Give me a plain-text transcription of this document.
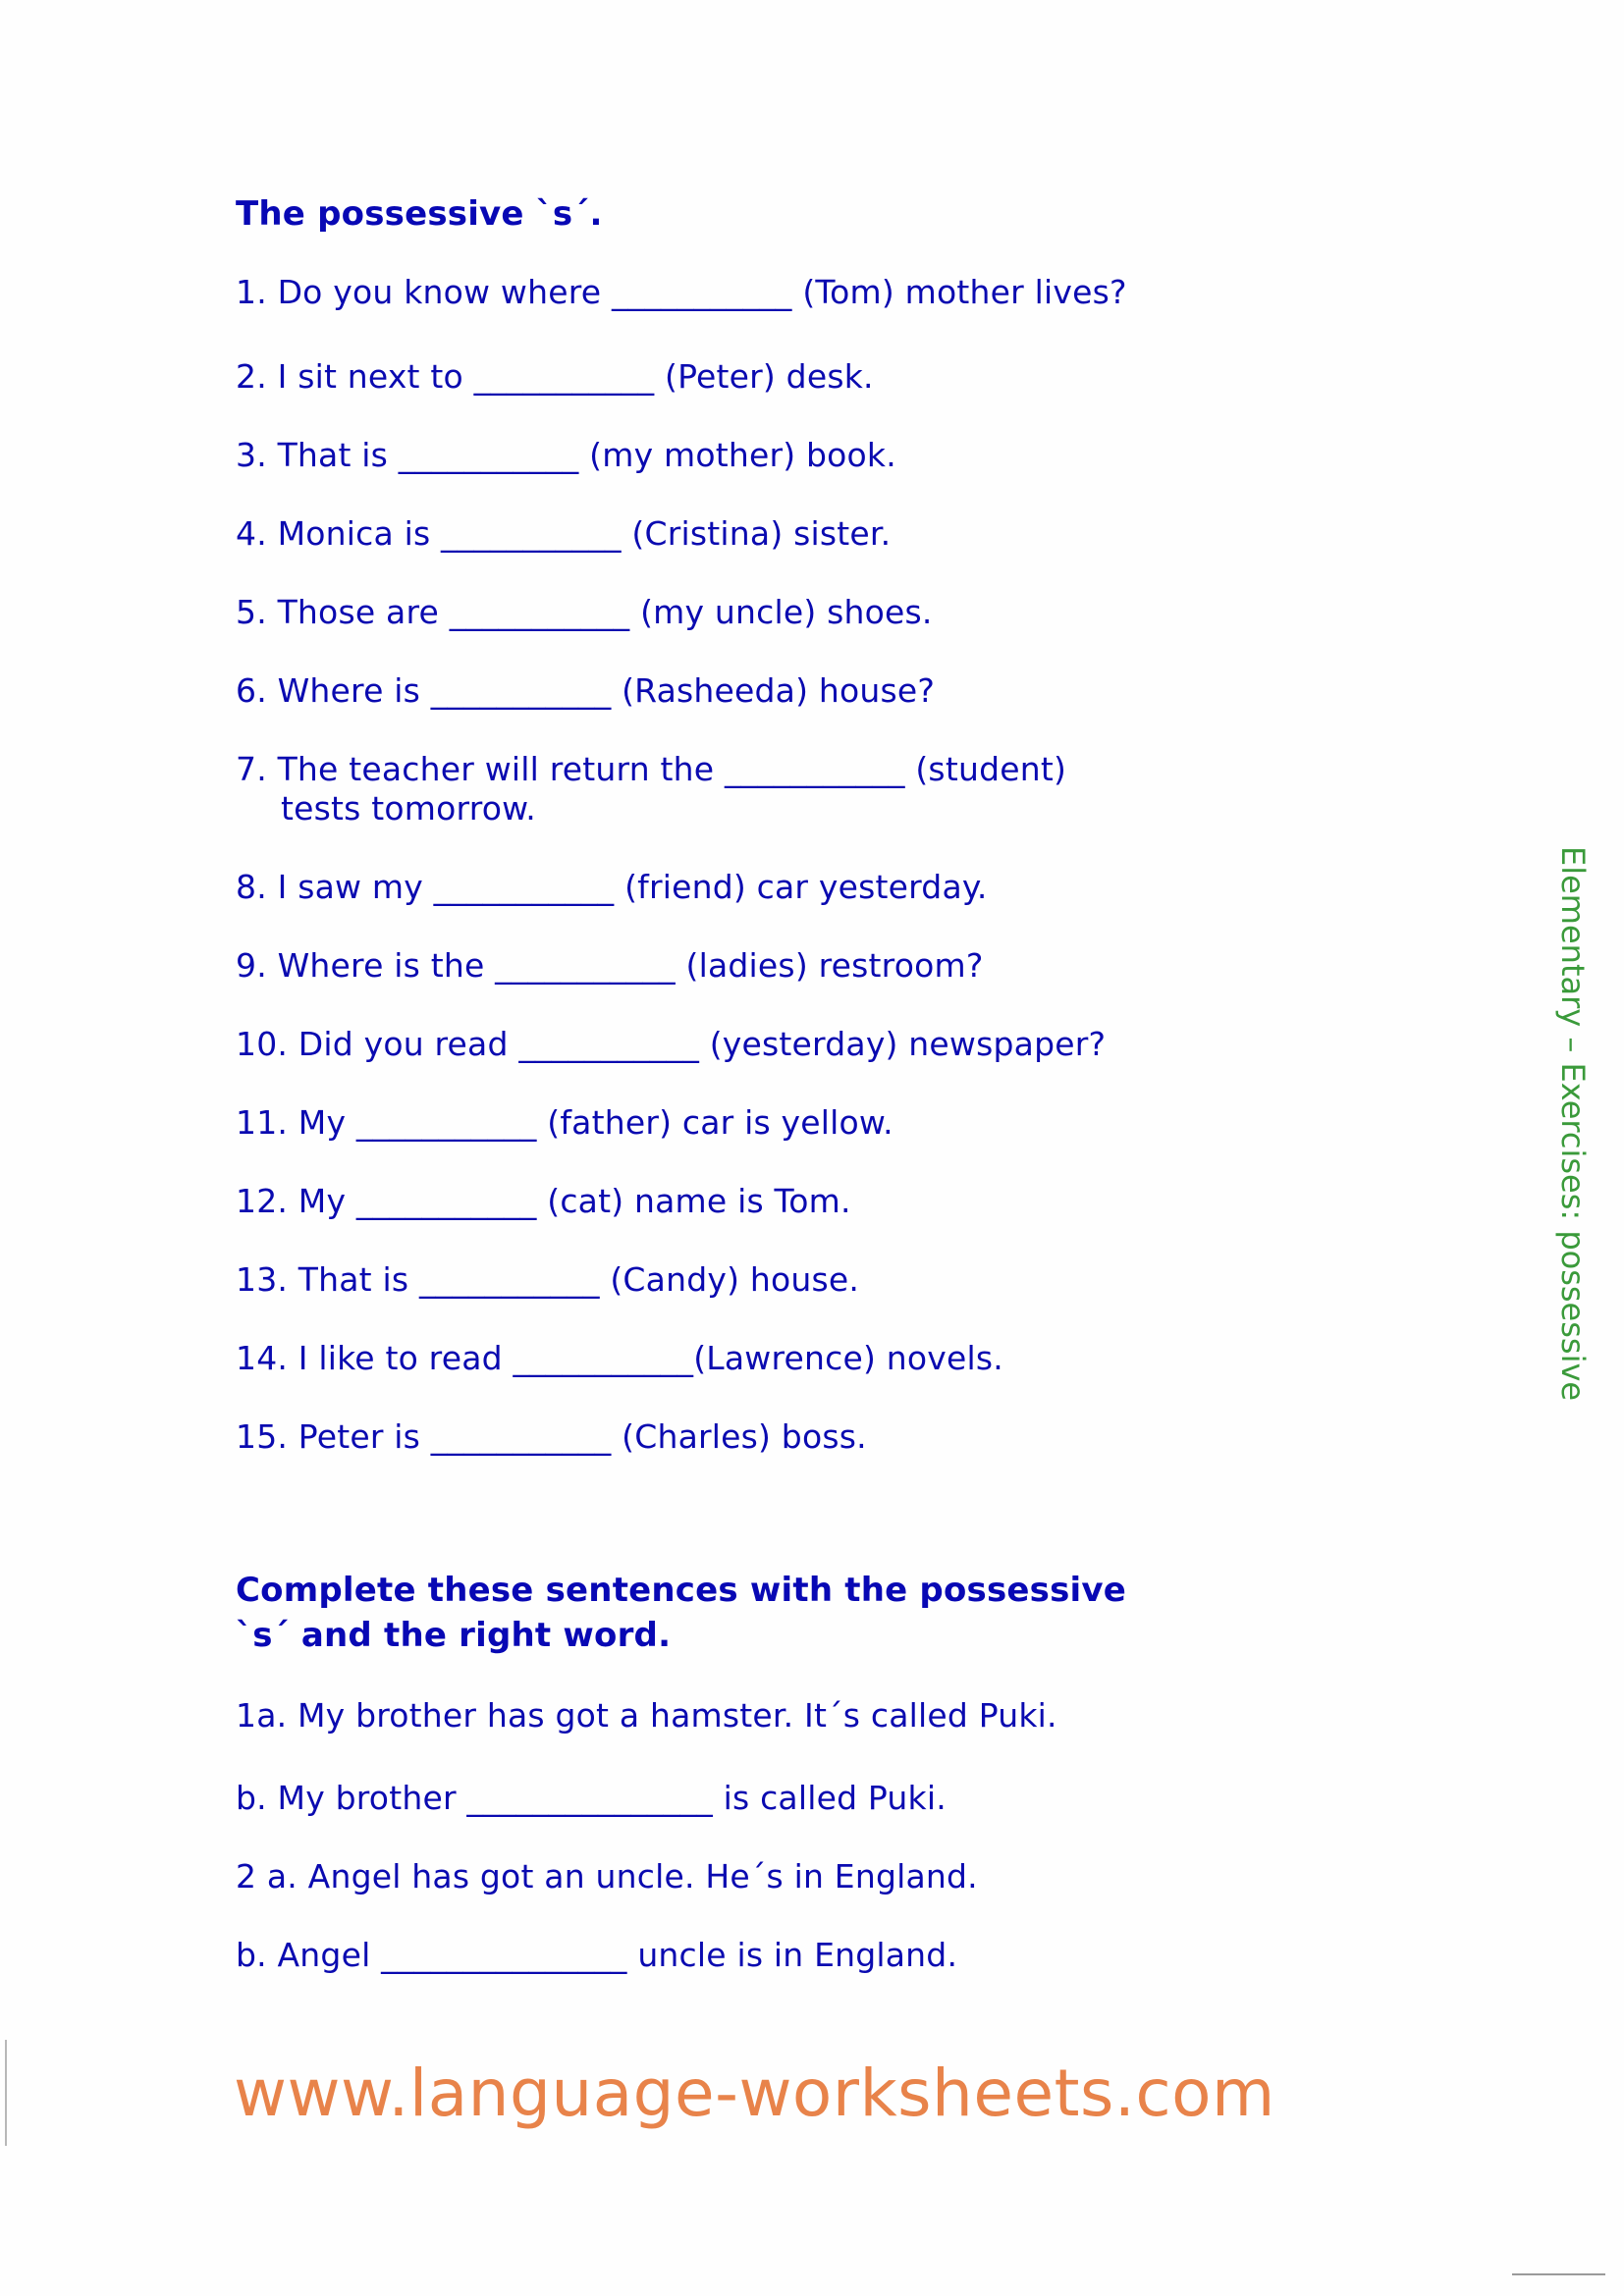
The possessive `s´.
1. Do you know where ___________ (Tom) mother lives?
2. I sit next to ___________ (Peter) desk.
3. That is ___________ (my mother) book.
4. Monica is ___________ (Cristina) sister.
5. Those are ___________ (my uncle) shoes.
6. Where is ___________ (Rasheeda) house?
7. The teacher will return the ___________ (student)
tests tomorrow.
8. I saw my ___________ (friend) car yesterday.
9. Where is the ___________ (ladies) restroom?
10. Did you read ___________ (yesterday) newspaper?
11. My ___________ (father) car is yellow.
12. My ___________ (cat) name is Tom.
13. That is ___________ (Candy) house.
14. I like to read ___________(Lawrence) novels.
15. Peter is ___________ (Charles) boss.
Complete these sentences with the possessive
`s´ and the right word.
1a. My brother has got a hamster. It´s called Puki.
b. My brother _______________ is called Puki.
2 a. Angel has got an uncle. He´s in England.
b. Angel _______________ uncle is in England.
Elementary – Exercises: possessive
www.language-worksheets.com
